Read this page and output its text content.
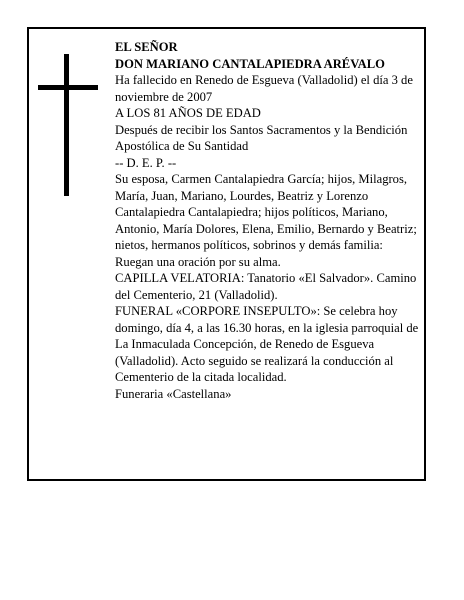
EL SEÑOR

DON MARIANO CANTALAPIEDRA ARÉVALO

Ha fallecido en Renedo de Esgueva (Valladolid) el día 3 de noviembre de 2007

A LOS 81 AÑOS DE EDAD

Después de recibir los Santos Sacramentos y la Bendición Apostólica de Su Santidad

-- D. E. P. --

Su esposa, Carmen Cantalapiedra García; hijos, Milagros, María, Juan, Mariano, Lourdes, Beatriz y Lorenzo Cantalapiedra Cantalapiedra; hijos políticos, Mariano, Antonio, María Dolores, Elena, Emilio, Bernardo y Beatriz; nietos, hermanos políticos, sobrinos y demás familia:

Ruegan una oración por su alma.

CAPILLA VELATORIA: Tanatorio «El Salvador». Camino del Cementerio, 21 (Valladolid).

FUNERAL «CORPORE INSEPULTO»: Se celebra hoy domingo, día 4, a las 16.30 horas, en la iglesia parroquial de La Inmaculada Concepción, de Renedo de Esgueva (Valladolid). Acto seguido se realizará la conducción al Cementerio de la citada localidad.

Funeraria «Castellana»
